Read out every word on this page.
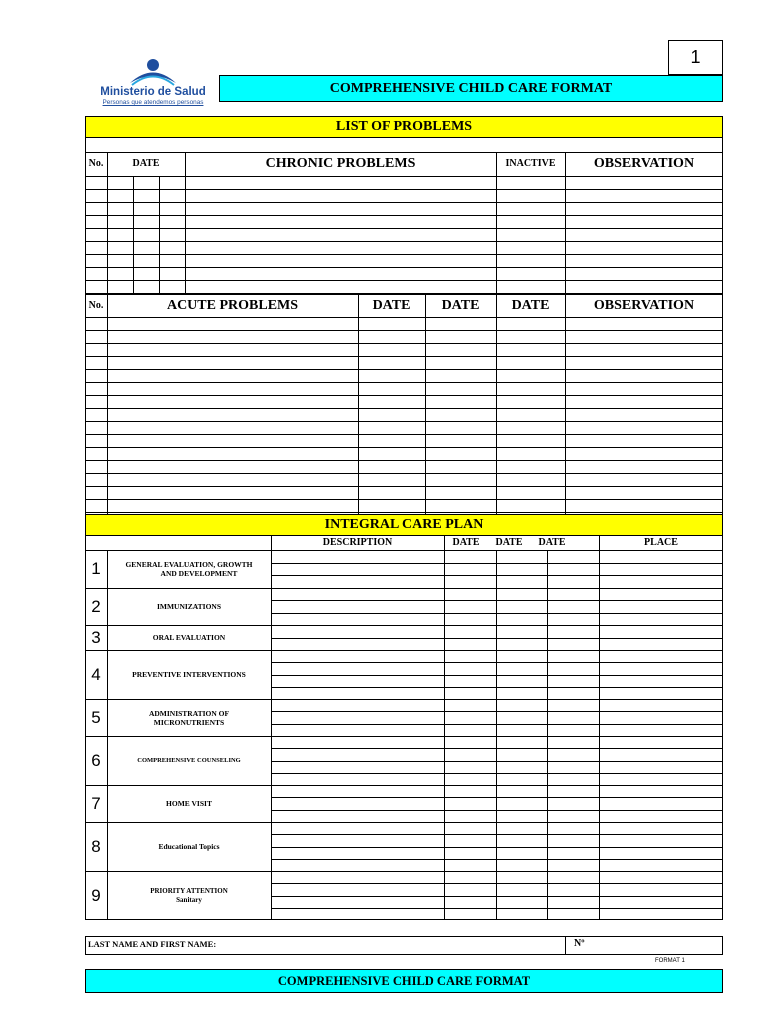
1
Ministerio de Salud
Personas que atendemos personas
COMPREHENSIVE CHILD CARE FORMAT
LIST OF PROBLEMS
No.	DATE	CHRONIC PROBLEMS	INACTIVE	OBSERVATION
No.	ACUTE PROBLEMS	DATE	DATE	DATE	OBSERVATION
INTEGRAL CARE PLAN
DESCRIPTION	DATE	DATE	DATE	PLACE
1	GENERAL EVALUATION, GROWTH
AND DEVELOPMENT
2	IMMUNIZATIONS
3	ORAL EVALUATION
4	PREVENTIVE INTERVENTIONS
5	ADMINISTRATION OF
MICRONUTRIENTS
6	COMPREHENSIVE COUNSELING
7	HOME VISIT
8	Educational Topics
9	PRIORITY ATTENTION
Sanitary
LAST NAME AND FIRST NAME:	Nº
FORMAT 1
COMPREHENSIVE CHILD CARE FORMAT
